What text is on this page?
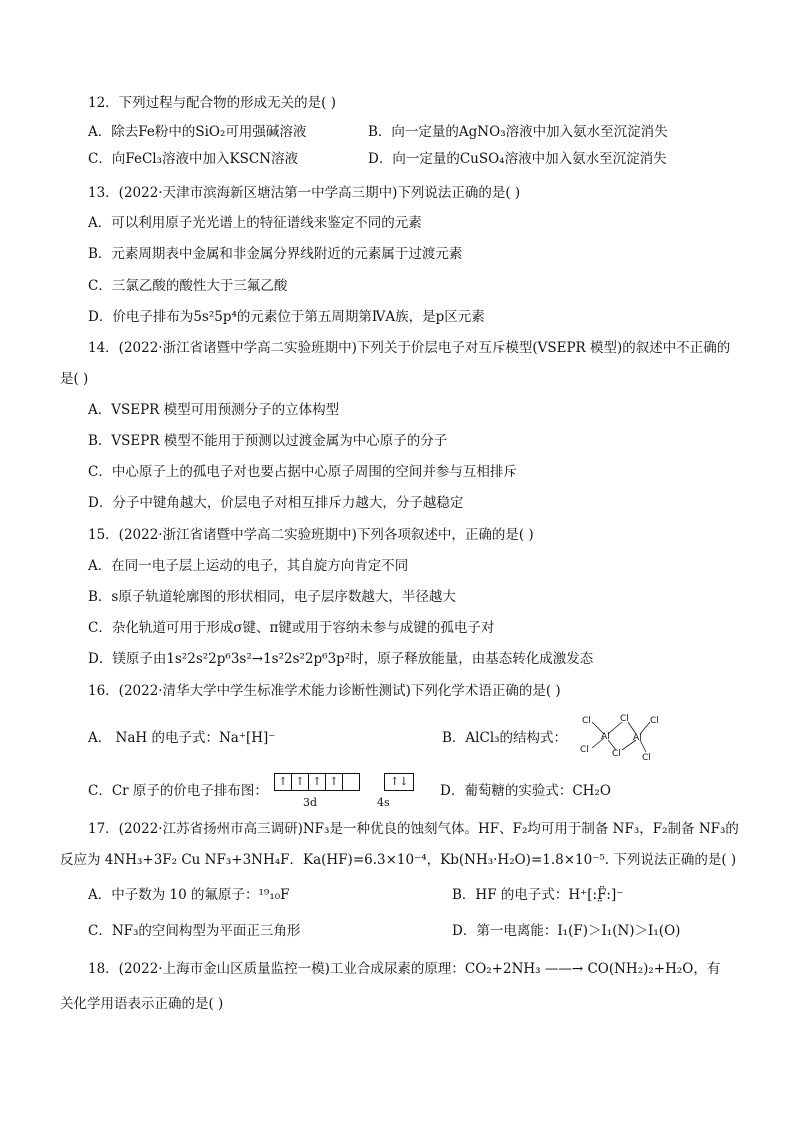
12．下列过程与配合物的形成无关的是( )
A．除去Fe粉中的SiO₂可用强碱溶液	B．向一定量的AgNO₃溶液中加入氨水至沉淀消失
C．向FeCl₃溶液中加入KSCN溶液	D．向一定量的CuSO₄溶液中加入氨水至沉淀消失
13．(2022·天津市滨海新区塘沽第一中学高三期中)下列说法正确的是( )
A．可以利用原子光光谱上的特征谱线来鉴定不同的元素
B．元素周期表中金属和非金属分界线附近的元素属于过渡元素
C．三氯乙酸的酸性大于三氟乙酸
D．价电子排布为5s²5p⁴的元素位于第五周期第ⅣA族，是p区元素
14．(2022·浙江省诸暨中学高二实验班期中)下列关于价层电子对互斥模型(VSEPR 模型)的叙述中不正确的
是( )
A．VSEPR 模型可用预测分子的立体构型
B．VSEPR 模型不能用于预测以过渡金属为中心原子的分子
C．中心原子上的孤电子对也要占据中心原子周围的空间并参与互相排斥
D．分子中键角越大，价层电子对相互排斥力越大，分子越稳定
15．(2022·浙江省诸暨中学高二实验班期中)下列各项叙述中，正确的是( )
A．在同一电子层上运动的电子，其自旋方向肯定不同
B．s原子轨道轮廓图的形状相同，电子层序数越大，半径越大
C．杂化轨道可用于形成σ键、π键或用于容纳未参与成键的孤电子对
D．镁原子由1s²2s²2p⁶3s²→1s²2s²2p⁶3p²时，原子释放能量，由基态转化成激发态
16．(2022·清华大学中学生标准学术能力诊断性测试)下列化学术语正确的是( )
A． NaH 的电子式：Na⁺[H]⁻	B．AlCl₃的结构式：
Cl	Cl Cl
Al	Al
Cl	Cl Cl
C．Cr 原子的价电子排布图：
↑ ↑ ↑ ↑	↑↓
3d	4s
D．葡萄糖的实验式：CH₂O
17．(2022·江苏省扬州市高三调研)NF₃是一种优良的蚀刻气体。HF、F₂均可用于制备 NF₃，F₂制备 NF₃的
反应为 4NH₃+3F₂ Cu NF₃+3NH₄F．Ka(HF)=6.3×10⁻⁴，Kb(NH₃·H₂O)=1.8×10⁻⁵. 下列说法正确的是( )
A．中子数为 10 的氟原子：¹⁹₁₀F	B．HF 的电子式：H⁺[:F̤̈:]⁻
C．NF₃的空间构型为平面正三角形	D．第一电离能：I₁(F)＞I₁(N)＞I₁(O)
18．(2022·上海市金山区质量监控一模)工业合成尿素的原理：CO₂+2NH₃ ——→ CO(NH₂)₂+H₂O，有
关化学用语表示正确的是( )
